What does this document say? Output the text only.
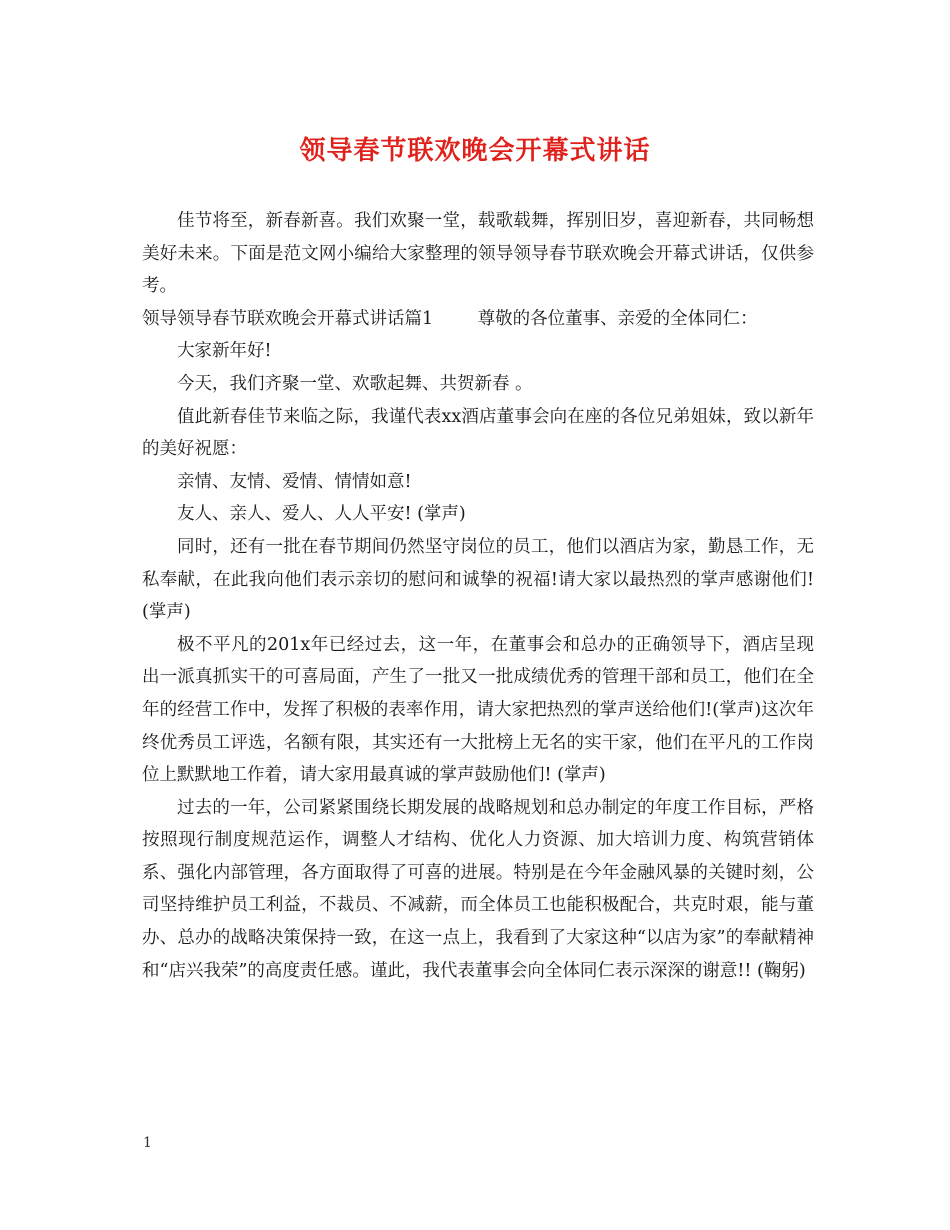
领导春节联欢晚会开幕式讲话

佳节将至，新春新喜。我们欢聚一堂，载歌载舞，挥别旧岁，喜迎新春，共同畅想美好未来。下面是范文网小编给大家整理的领导领导春节联欢晚会开幕式讲话，仅供参考。

领导领导春节联欢晚会开幕式讲话篇1	尊敬的各位董事、亲爱的全体同仁：

大家新年好!

今天，我们齐聚一堂、欢歌起舞、共贺新春 。

值此新春佳节来临之际，我谨代表xx酒店董事会向在座的各位兄弟姐妹，致以新年的美好祝愿：

亲情、友情、爱情、情情如意!

友人、亲人、爱人、人人平安! (掌声)

同时，还有一批在春节期间仍然坚守岗位的员工，他们以酒店为家，勤恳工作，无私奉献，在此我向他们表示亲切的慰问和诚挚的祝福!请大家以最热烈的掌声感谢他们!(掌声)

极不平凡的201x年已经过去，这一年，在董事会和总办的正确领导下，酒店呈现出一派真抓实干的可喜局面，产生了一批又一批成绩优秀的管理干部和员工，他们在全年的经营工作中，发挥了积极的表率作用，请大家把热烈的掌声送给他们!(掌声)这次年终优秀员工评选，名额有限，其实还有一大批榜上无名的实干家，他们在平凡的工作岗位上默默地工作着，请大家用最真诚的掌声鼓励他们! (掌声)

过去的一年，公司紧紧围绕长期发展的战略规划和总办制定的年度工作目标，严格按照现行制度规范运作，调整人才结构、优化人力资源、加大培训力度、构筑营销体系、强化内部管理，各方面取得了可喜的进展。特别是在今年金融风暴的关键时刻，公司坚持维护员工利益，不裁员、不减薪，而全体员工也能积极配合，共克时艰，能与董办、总办的战略决策保持一致，在这一点上，我看到了大家这种“以店为家”的奉献精神和“店兴我荣”的高度责任感。谨此，我代表董事会向全体同仁表示深深的谢意!! (鞠躬)

1
